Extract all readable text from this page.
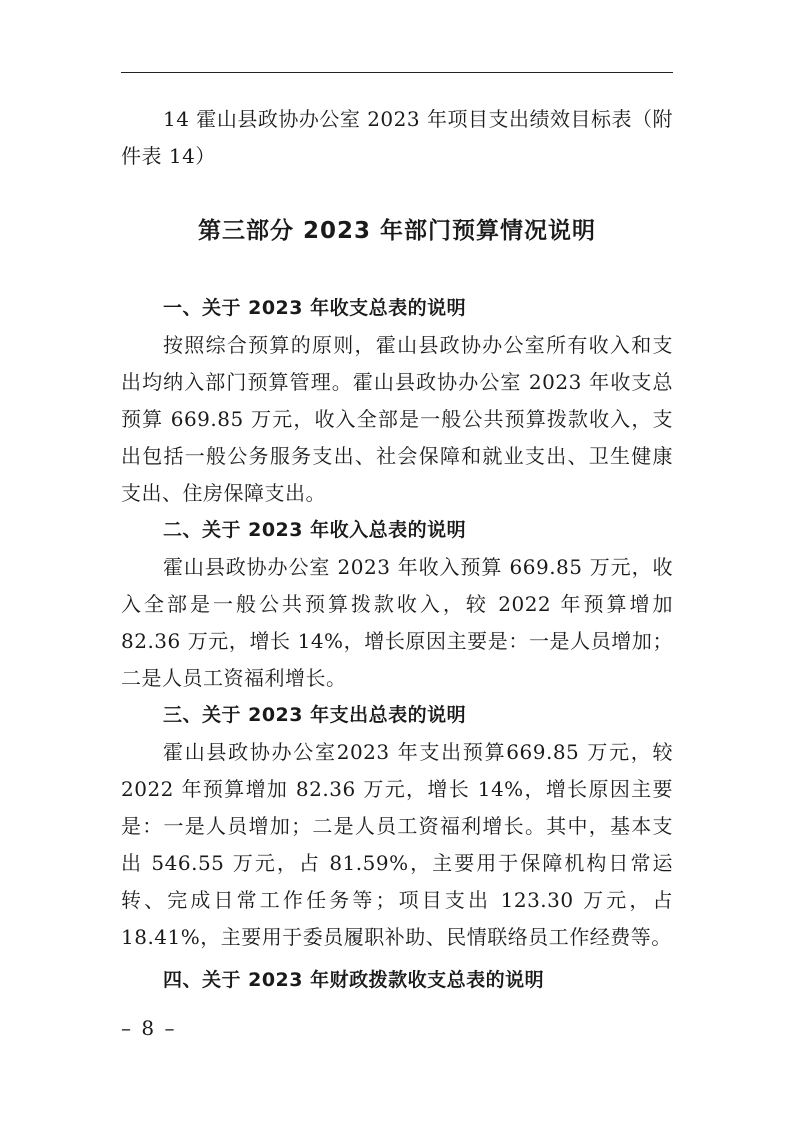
14 霍山县政协办公室 2023 年项目支出绩效目标表（附件表 14）

第三部分 2023 年部门预算情况说明

一、关于 2023 年收支总表的说明

按照综合预算的原则，霍山县政协办公室所有收入和支出均纳入部门预算管理。霍山县政协办公室 2023 年收支总预算 669.85 万元，收入全部是一般公共预算拨款收入，支出包括一般公务服务支出、社会保障和就业支出、卫生健康支出、住房保障支出。

二、关于 2023 年收入总表的说明

霍山县政协办公室 2023 年收入预算 669.85 万元，收入全部是一般公共预算拨款收入，较 2022 年预算增加 82.36 万元，增长 14%，增长原因主要是：一是人员增加；二是人员工资福利增长。

三、关于 2023 年支出总表的说明

霍山县政协办公室2023 年支出预算669.85 万元，较2022 年预算增加 82.36 万元，增长 14%，增长原因主要是：一是人员增加；二是人员工资福利增长。其中，基本支出 546.55 万元，占 81.59%，主要用于保障机构日常运转、完成日常工作任务等；项目支出 123.30 万元，占 18.41%，主要用于委员履职补助、民情联络员工作经费等。

四、关于 2023 年财政拨款收支总表的说明

– 8 –
